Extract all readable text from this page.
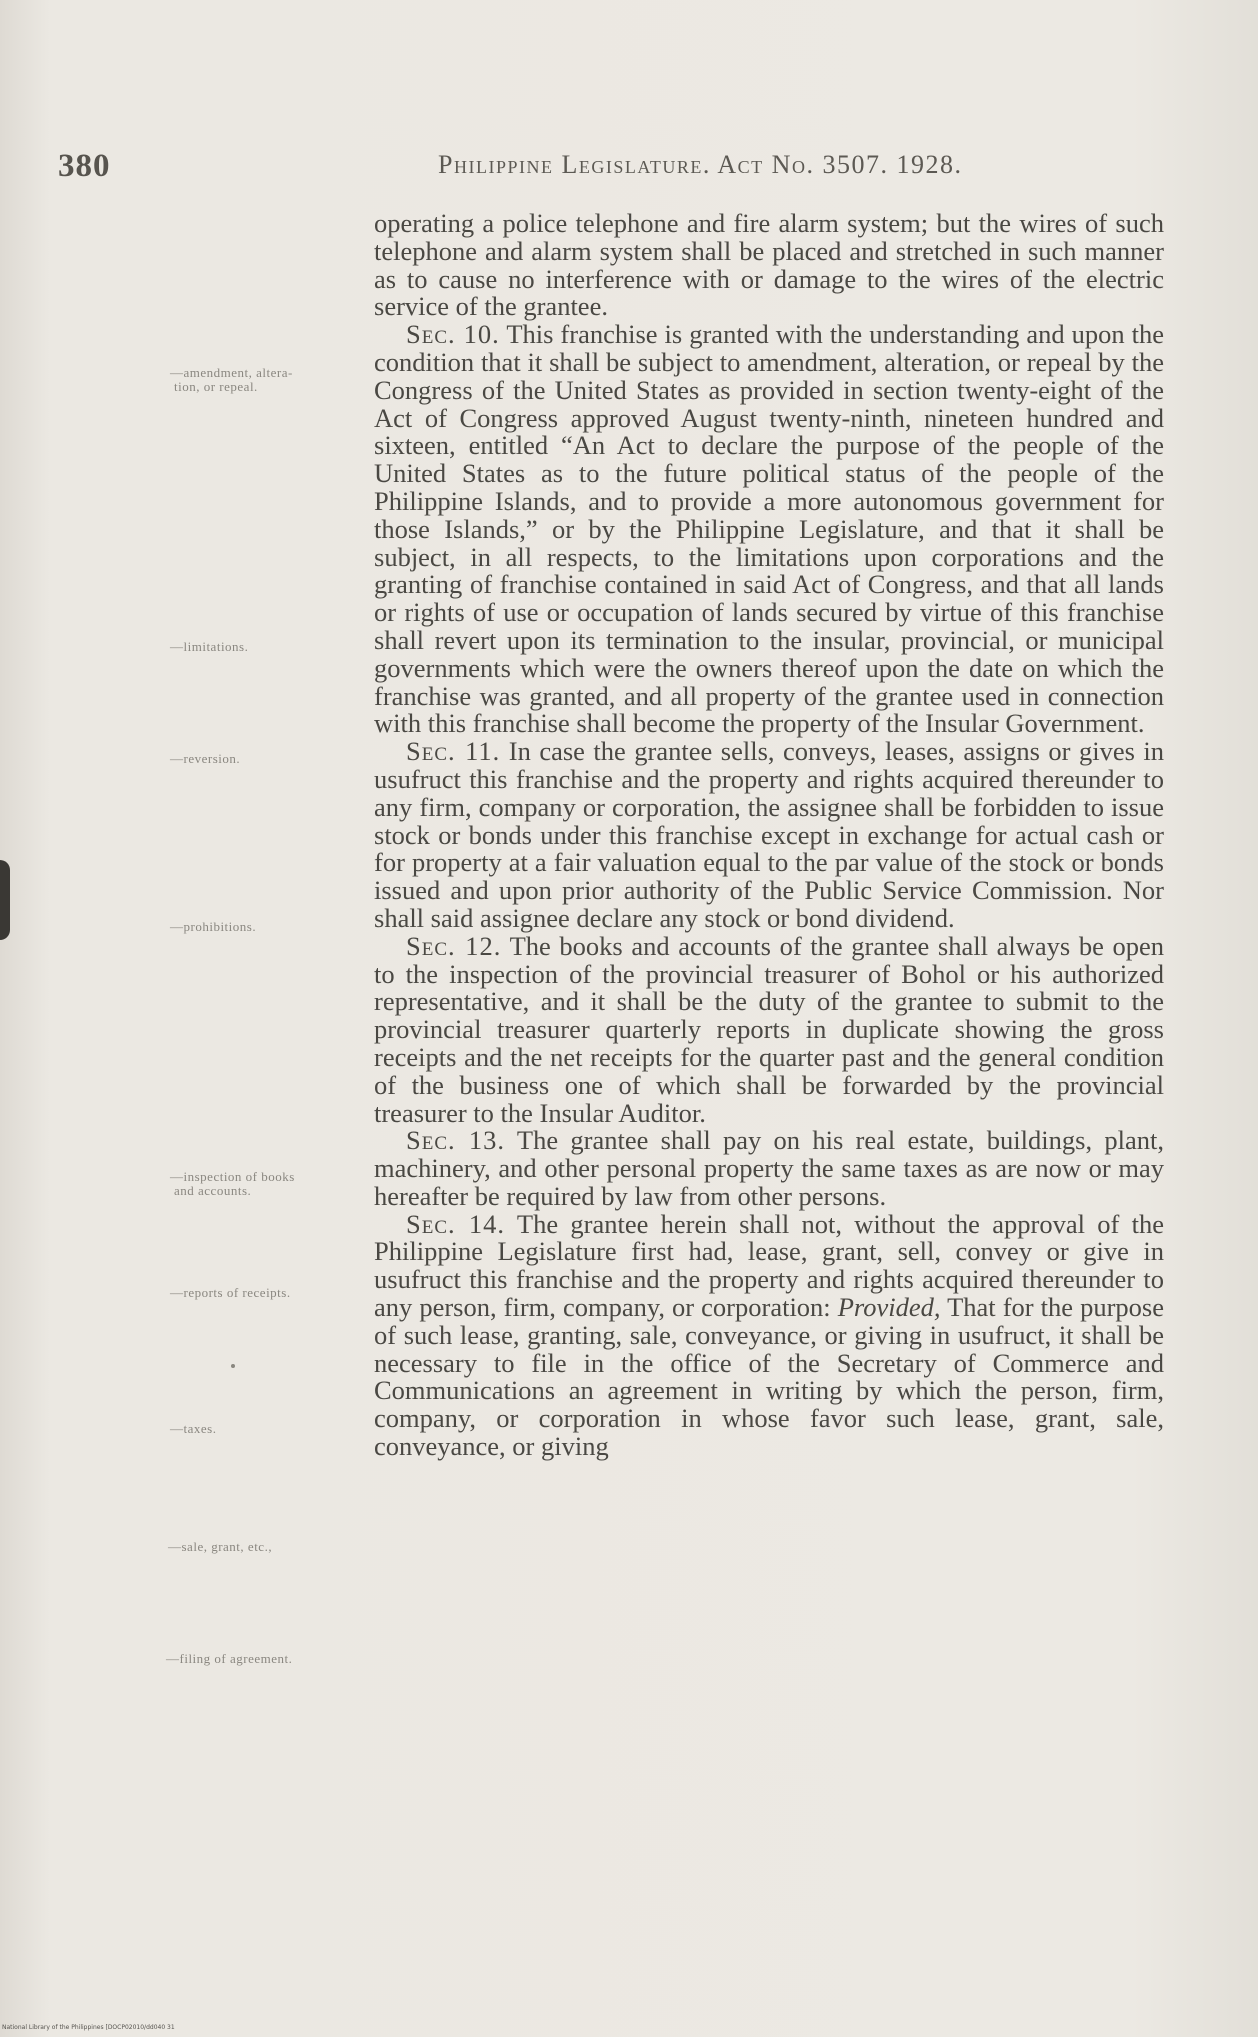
380	Philippine Legislature. Act No. 3507. 1928.
—amendment, altera-
tion, or repeal.
—limitations.
—reversion.
—prohibitions.
—inspection of books
and accounts.
—reports of receipts.
—taxes.
—sale, grant, etc.,
—filing of agreement.

operating a police telephone and fire alarm system; but the wires of such telephone and alarm system shall be placed and stretched in such manner as to cause no interference with or damage to the wires of the electric service of the grantee.

Sec. 10. This franchise is granted with the understanding and upon the condition that it shall be subject to amendment, alteration, or repeal by the Congress of the United States as provided in section twenty-eight of the Act of Congress approved August twenty-ninth, nineteen hundred and sixteen, entitled “An Act to declare the purpose of the people of the United States as to the future political status of the people of the Philippine Islands, and to provide a more autonomous government for those Islands,” or by the Philippine Legislature, and that it shall be subject, in all respects, to the limitations upon corporations and the granting of franchise contained in said Act of Congress, and that all lands or rights of use or occupation of lands secured by virtue of this franchise shall revert upon its termination to the insular, provincial, or municipal governments which were the owners thereof upon the date on which the franchise was granted, and all property of the grantee used in connection with this franchise shall become the property of the Insular Government.

Sec. 11. In case the grantee sells, conveys, leases, assigns or gives in usufruct this franchise and the property and rights acquired thereunder to any firm, company or corporation, the assignee shall be forbidden to issue stock or bonds under this franchise except in exchange for actual cash or for property at a fair valuation equal to the par value of the stock or bonds issued and upon prior authority of the Public Service Commission. Nor shall said assignee declare any stock or bond dividend.

Sec. 12. The books and accounts of the grantee shall always be open to the inspection of the provincial treasurer of Bohol or his authorized representative, and it shall be the duty of the grantee to submit to the provincial treasurer quarterly reports in duplicate showing the gross receipts and the net receipts for the quarter past and the general condition of the business one of which shall be forwarded by the provincial treasurer to the Insular Auditor.

Sec. 13. The grantee shall pay on his real estate, buildings, plant, machinery, and other personal property the same taxes as are now or may hereafter be required by law from other persons.

Sec. 14. The grantee herein shall not, without the approval of the Philippine Legislature first had, lease, grant, sell, convey or give in usufruct this franchise and the property and rights acquired thereunder to any person, firm, company, or corporation: Provided, That for the purpose of such lease, granting, sale, conveyance, or giving in usufruct, it shall be necessary to file in the office of the Secretary of Commerce and Communications an agreement in writing by which the person, firm, company, or corporation in whose favor such lease, grant, sale, conveyance, or giving

National Library of the Philippines [DOCP02010/dd040 31
